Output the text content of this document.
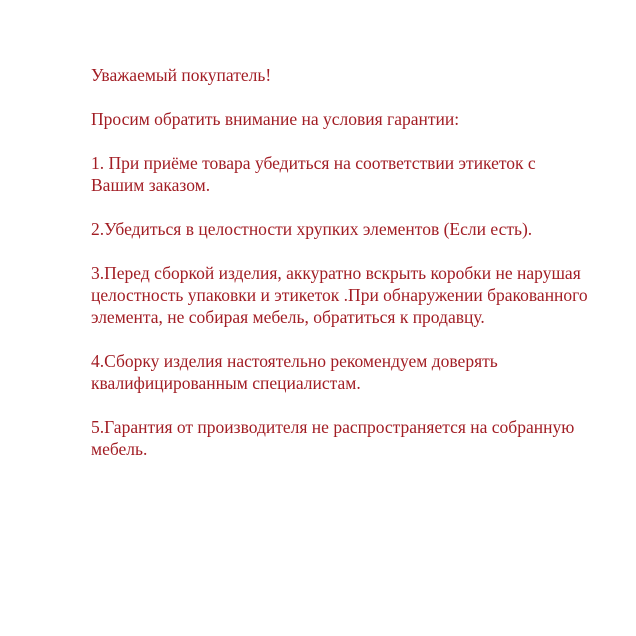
Уважаемый покупатель!

Просим обратить внимание на условия гарантии:

1. При приёме товара убедиться на соответствии этикеток с Вашим заказом.

2.Убедиться в целостности хрупких элементов (Если есть).

3.Перед сборкой изделия, аккуратно вскрыть коробки не нарушая целостность упаковки и этикеток .При обнаружении бракованного элемента, не собирая мебель, обратиться к продавцу.

4.Сборку изделия настоятельно рекомендуем доверять квалифицированным специалистам.

5.Гарантия от производителя не распространяется на собранную мебель.
